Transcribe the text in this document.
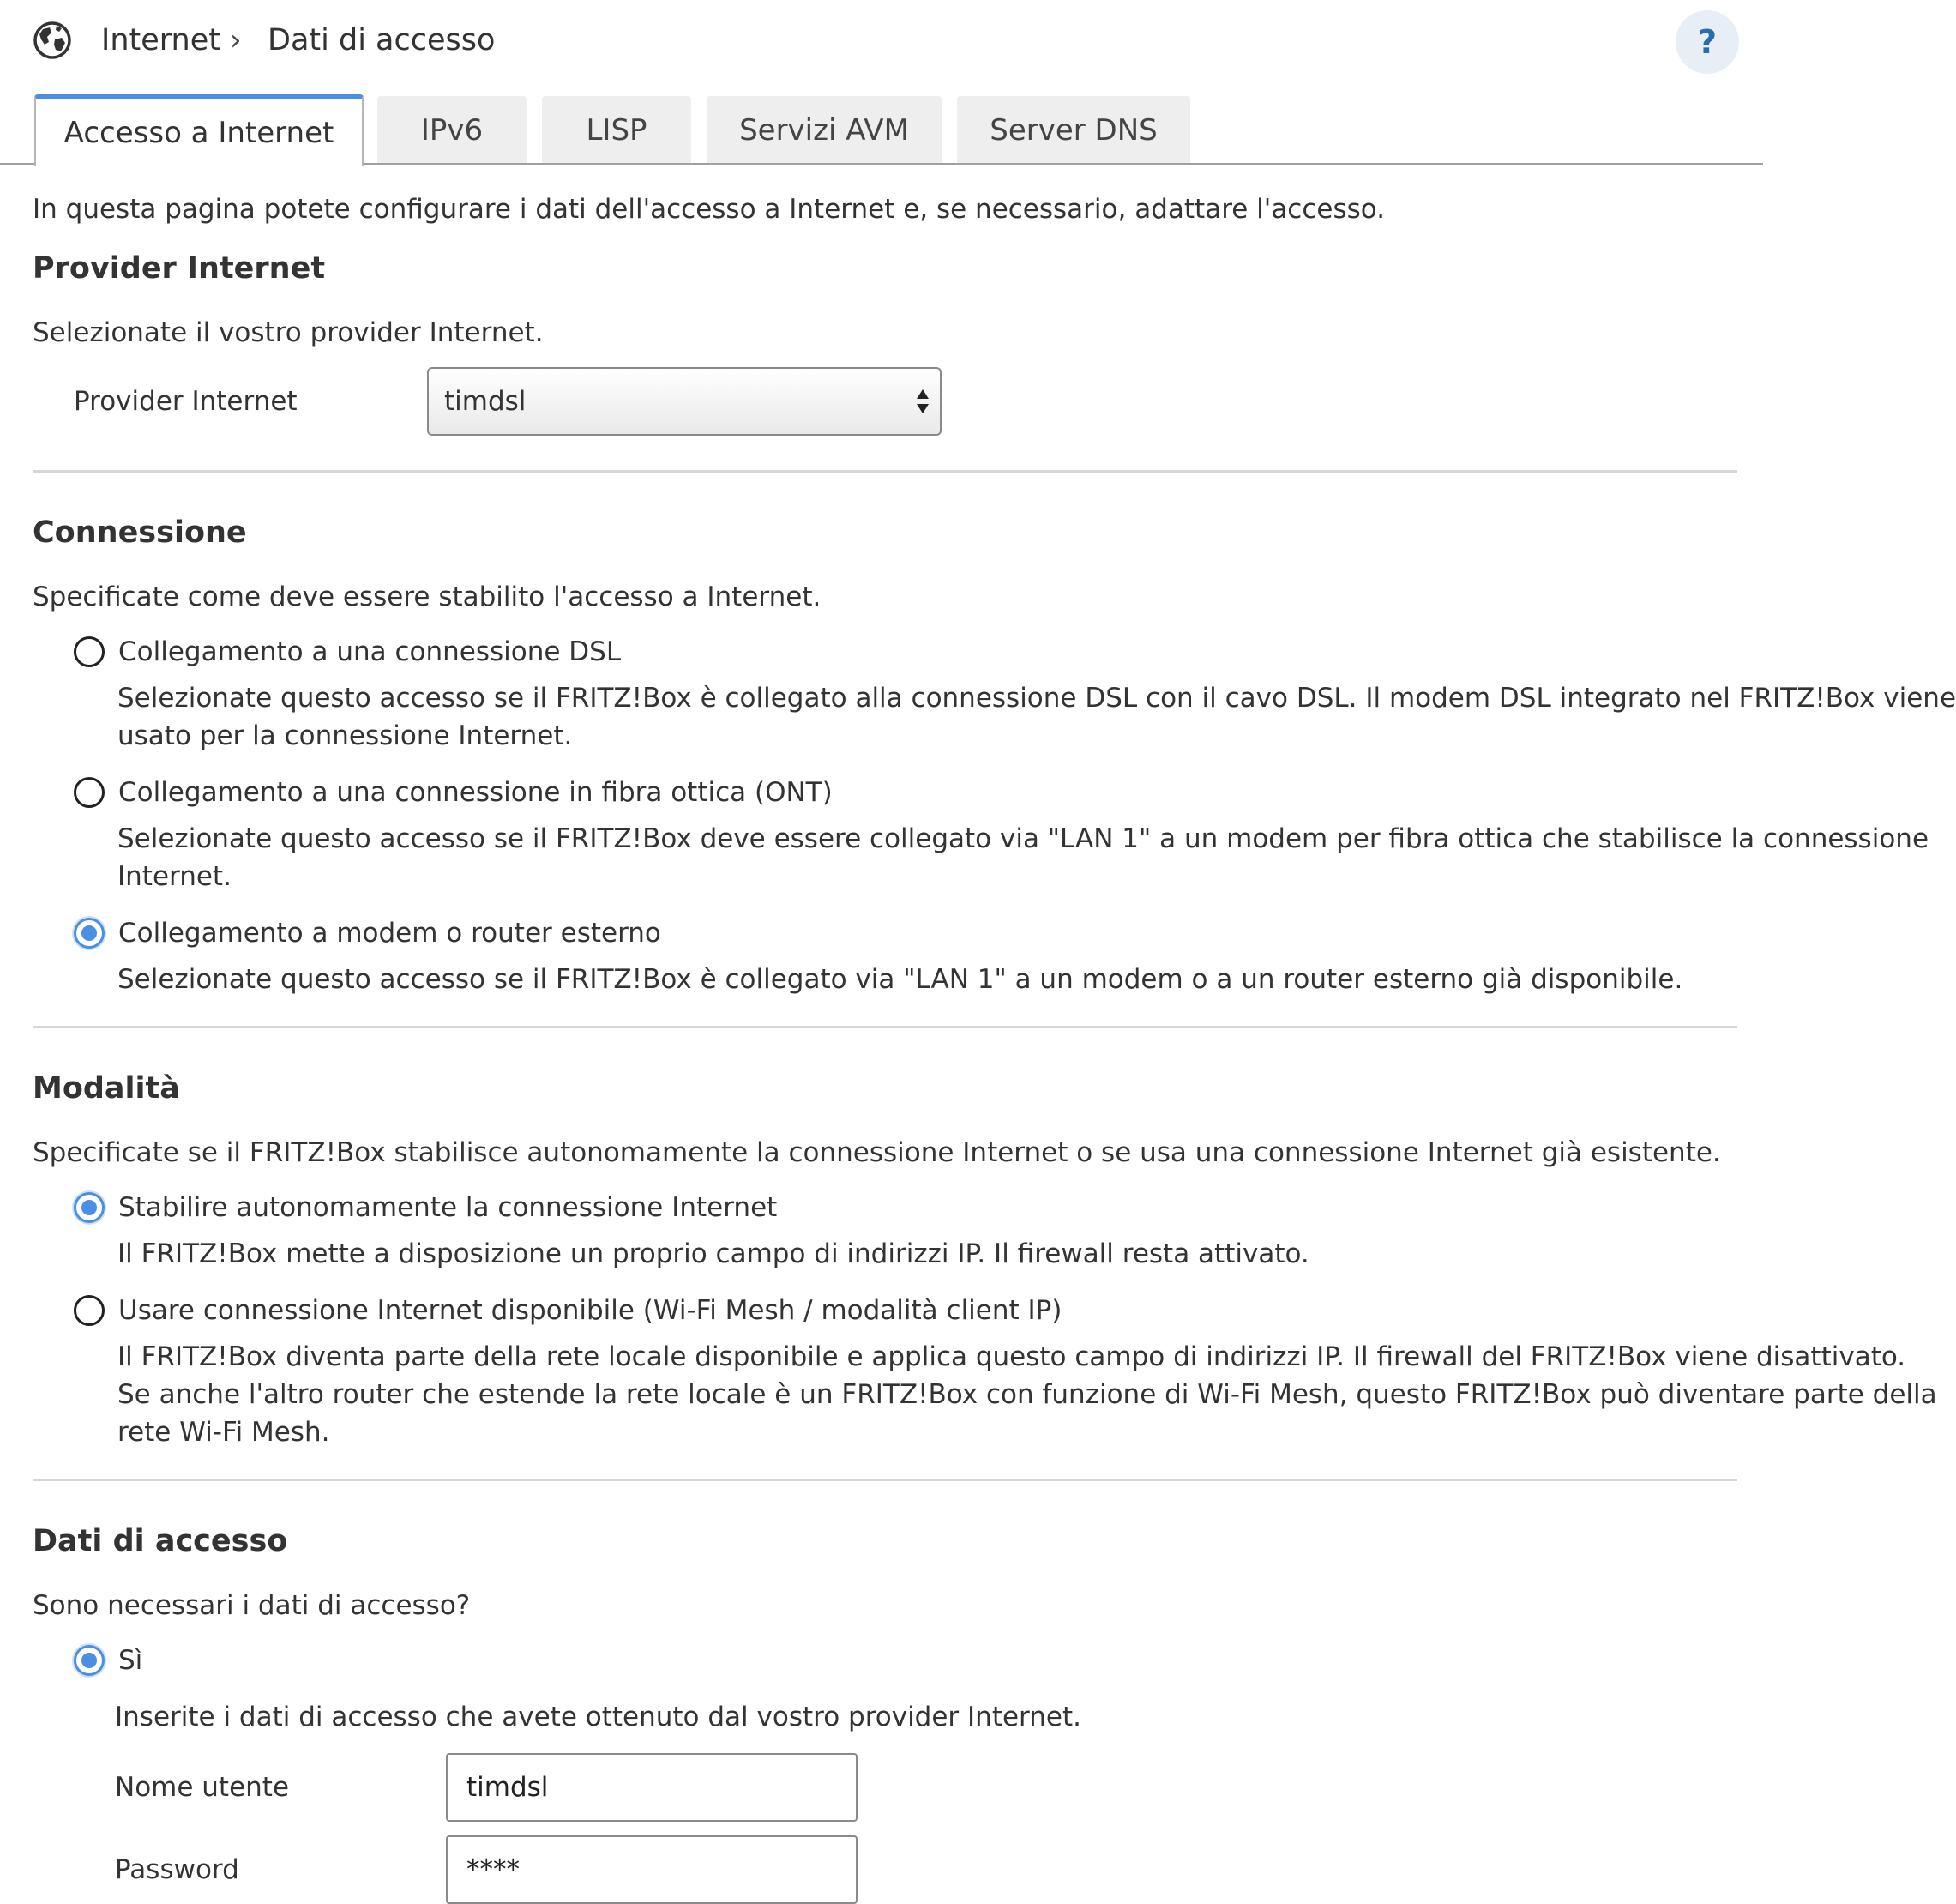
Internet › Dati di accesso	?
Accesso a Internet	IPv6	LISP	Servizi AVM	Server DNS
In questa pagina potete configurare i dati dell'accesso a Internet e, se necessario, adattare l'accesso.
Provider Internet
Selezionate il vostro provider Internet.
Provider Internet	timdsl
Connessione
Specificate come deve essere stabilito l'accesso a Internet.
Collegamento a una connessione DSL
Selezionate questo accesso se il FRITZ!Box è collegato alla connessione DSL con il cavo DSL. Il modem DSL integrato nel FRITZ!Box viene
usato per la connessione Internet.
Collegamento a una connessione in fibra ottica (ONT)
Selezionate questo accesso se il FRITZ!Box deve essere collegato via "LAN 1" a un modem per fibra ottica che stabilisce la connessione
Internet.
Collegamento a modem o router esterno
Selezionate questo accesso se il FRITZ!Box è collegato via "LAN 1" a un modem o a un router esterno già disponibile.
Modalità
Specificate se il FRITZ!Box stabilisce autonomamente la connessione Internet o se usa una connessione Internet già esistente.
Stabilire autonomamente la connessione Internet
Il FRITZ!Box mette a disposizione un proprio campo di indirizzi IP. Il firewall resta attivato.
Usare connessione Internet disponibile (Wi-Fi Mesh / modalità client IP)
Il FRITZ!Box diventa parte della rete locale disponibile e applica questo campo di indirizzi IP. Il firewall del FRITZ!Box viene disattivato.
Se anche l'altro router che estende la rete locale è un FRITZ!Box con funzione di Wi-Fi Mesh, questo FRITZ!Box può diventare parte della
rete Wi-Fi Mesh.
Dati di accesso
Sono necessari i dati di accesso?
Sì
Inserite i dati di accesso che avete ottenuto dal vostro provider Internet.
Nome utente	timdsl
Password	****
